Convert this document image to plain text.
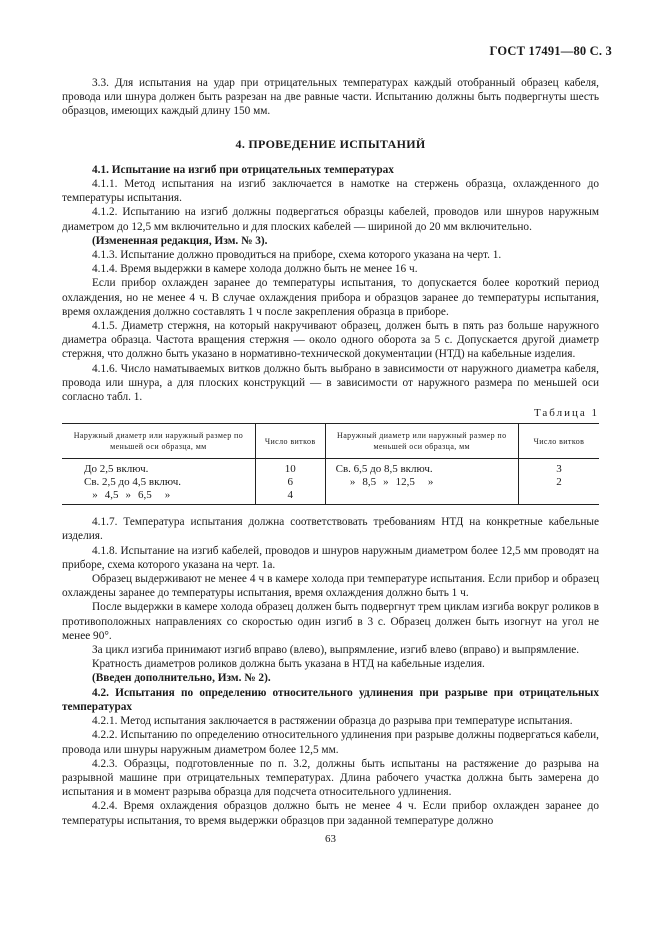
ГОСТ 17491—80 С. 3

3.3. Для испытания на удар при отрицательных температурах каждый отобранный образец кабеля, провода или шнура должен быть разрезан на две равные части. Испытанию должны быть подвергнуты шесть образцов, имеющих каждый длину 150 мм.

4. ПРОВЕДЕНИЕ ИСПЫТАНИЙ

4.1. Испытание на изгиб при отрицательных температурах

4.1.1. Метод испытания на изгиб заключается в намотке на стержень образца, охлажденного до температуры испытания.

4.1.2. Испытанию на изгиб должны подвергаться образцы кабелей, проводов или шнуров наружным диаметром до 12,5 мм включительно и для плоских кабелей — шириной до 20 мм включительно.

(Измененная редакция, Изм. № 3).

4.1.3. Испытание должно проводиться на приборе, схема которого указана на черт. 1.

4.1.4. Время выдержки в камере холода должно быть не менее 16 ч.

Если прибор охлажден заранее до температуры испытания, то допускается более короткий период охлаждения, но не менее 4 ч. В случае охлаждения прибора и образцов заранее до температуры испытания, время охлаждения должно составлять 1 ч после закрепления образца в приборе.

4.1.5. Диаметр стержня, на который накручивают образец, должен быть в пять раз больше наружного диаметра образца. Частота вращения стержня — около одного оборота за 5 с. Допускается другой диаметр стержня, что должно быть указано в нормативно-технической документации (НТД) на кабельные изделия.

4.1.6. Число наматываемых витков должно быть выбрано в зависимости от наружного диаметра кабеля, провода или шнура, а для плоских конструкций — в зависимости от наружного размера по меньшей оси согласно табл. 1.

Таблица 1
Наружный диаметр или наружный размер по меньшей оси образца, мм	Число витков	Наружный диаметр или наружный размер по меньшей оси образца, мм	Число витков
До 2,5 включ.	10	Св. 6,5 до 8,5 включ.	3
Св. 2,5 до 4,5 включ.	6	» 8,5 » 12,5 »	2
» 4,5 » 6,5 »	4		

4.1.7. Температура испытания должна соответствовать требованиям НТД на конкретные кабельные изделия.

4.1.8. Испытание на изгиб кабелей, проводов и шнуров наружным диаметром более 12,5 мм проводят на приборе, схема которого указана на черт. 1а.

Образец выдерживают не менее 4 ч в камере холода при температуре испытания. Если прибор и образец охлаждены заранее до температуры испытания, время охлаждения должно быть 1 ч.

После выдержки в камере холода образец должен быть подвергнут трем циклам изгиба вокруг роликов в противоположных направлениях со скоростью один изгиб в 3 с. Образец должен быть изогнут на угол не менее 90°.

За цикл изгиба принимают изгиб вправо (влево), выпрямление, изгиб влево (вправо) и выпрямление.

Кратность диаметров роликов должна быть указана в НТД на кабельные изделия.

(Введен дополнительно, Изм. № 2).

4.2. Испытания по определению относительного удлинения при разрыве при отрицательных температурах

4.2.1. Метод испытания заключается в растяжении образца до разрыва при температуре испытания.

4.2.2. Испытанию по определению относительного удлинения при разрыве должны подвергаться кабели, провода или шнуры наружным диаметром более 12,5 мм.

4.2.3. Образцы, подготовленные по п. 3.2, должны быть испытаны на растяжение до разрыва на разрывной машине при отрицательных температурах. Длина рабочего участка должна быть замерена до испытания и в момент разрыва образца для подсчета относительного удлинения.

4.2.4. Время охлаждения образцов должно быть не менее 4 ч. Если прибор охлажден заранее до температуры испытания, то время выдержки образцов при заданной температуре должно

63
